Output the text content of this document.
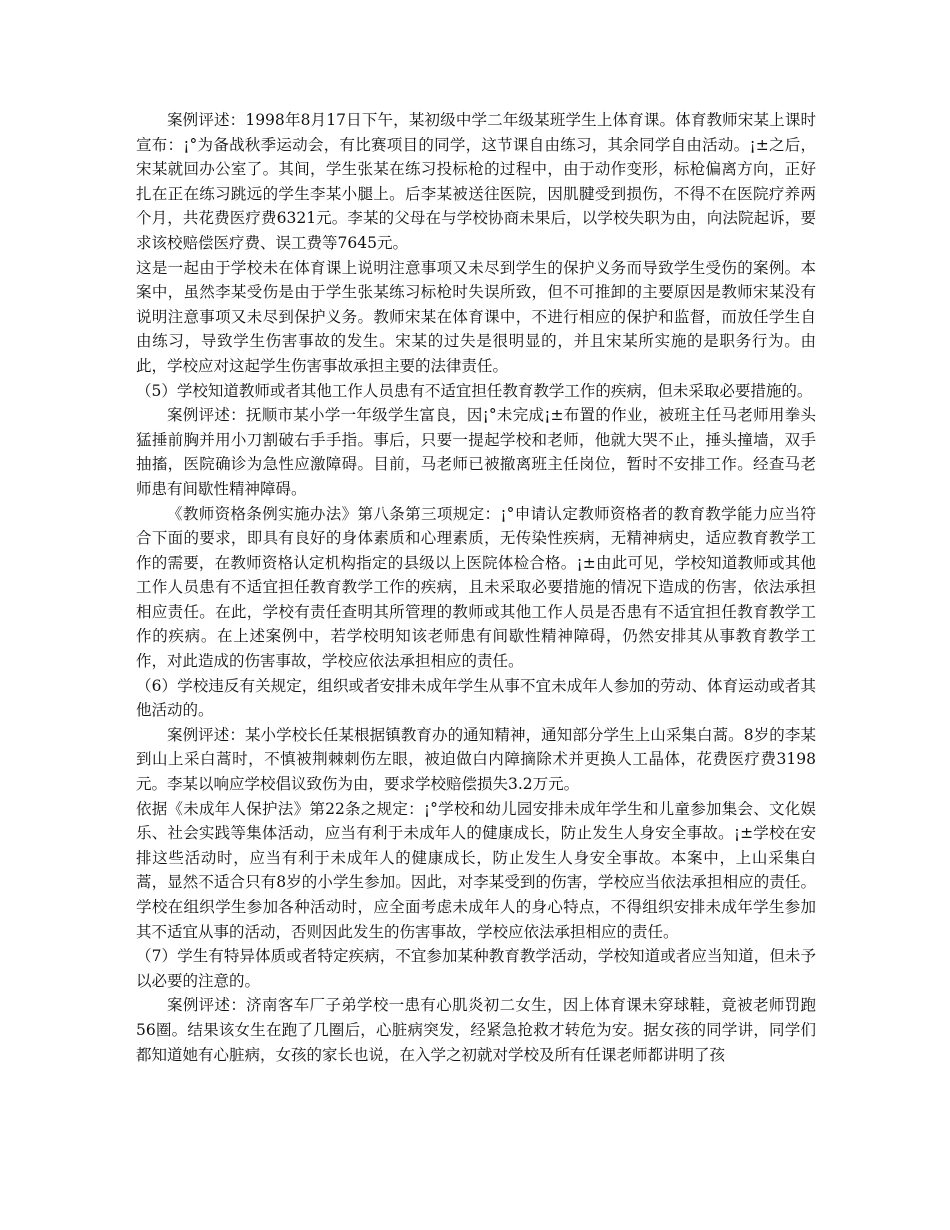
案例评述：1998年8月17日下午，某初级中学二年级某班学生上体育课。体育教师宋某上课时宣布：¡°为备战秋季运动会，有比赛项目的同学，这节课自由练习，其余同学自由活动。¡±之后，宋某就回办公室了。其间，学生张某在练习投标枪的过程中，由于动作变形，标枪偏离方向，正好扎在正在练习跳远的学生李某小腿上。后李某被送往医院，因肌腱受到损伤，不得不在医院疗养两个月，共花费医疗费6321元。李某的父母在与学校协商未果后，以学校失职为由，向法院起诉，要求该校赔偿医疗费、误工费等7645元。

这是一起由于学校未在体育课上说明注意事项又未尽到学生的保护义务而导致学生受伤的案例。本案中，虽然李某受伤是由于学生张某练习标枪时失误所致，但不可推卸的主要原因是教师宋某没有说明注意事项又未尽到保护义务。教师宋某在体育课中，不进行相应的保护和监督，而放任学生自由练习，导致学生伤害事故的发生。宋某的过失是很明显的，并且宋某所实施的是职务行为。由此，学校应对这起学生伤害事故承担主要的法律责任。

（5）学校知道教师或者其他工作人员患有不适宜担任教育教学工作的疾病，但未采取必要措施的。

案例评述：抚顺市某小学一年级学生富良，因¡°未完成¡±布置的作业，被班主任马老师用拳头猛捶前胸并用小刀割破右手手指。事后，只要一提起学校和老师，他就大哭不止，捶头撞墙，双手抽搐，医院确诊为急性应激障碍。目前，马老师已被撤离班主任岗位，暂时不安排工作。经查马老师患有间歇性精神障碍。

《教师资格条例实施办法》第八条第三项规定：¡°申请认定教师资格者的教育教学能力应当符合下面的要求，即具有良好的身体素质和心理素质，无传染性疾病，无精神病史，适应教育教学工作的需要，在教师资格认定机构指定的县级以上医院体检合格。¡±由此可见，学校知道教师或其他工作人员患有不适宜担任教育教学工作的疾病，且未采取必要措施的情况下造成的伤害，依法承担相应责任。在此，学校有责任查明其所管理的教师或其他工作人员是否患有不适宜担任教育教学工作的疾病。在上述案例中，若学校明知该老师患有间歇性精神障碍，仍然安排其从事教育教学工作，对此造成的伤害事故，学校应依法承担相应的责任。

（6）学校违反有关规定，组织或者安排未成年学生从事不宜未成年人参加的劳动、体育运动或者其他活动的。

案例评述：某小学校长任某根据镇教育办的通知精神，通知部分学生上山采集白蒿。8岁的李某到山上采白蒿时，不慎被荆棘刺伤左眼，被迫做白内障摘除术并更换人工晶体，花费医疗费3198元。李某以响应学校倡议致伤为由，要求学校赔偿损失3.2万元。

依据《未成年人保护法》第22条之规定：¡°学校和幼儿园安排未成年学生和儿童参加集会、文化娱乐、社会实践等集体活动，应当有利于未成年人的健康成长，防止发生人身安全事故。¡±学校在安排这些活动时，应当有利于未成年人的健康成长，防止发生人身安全事故。本案中，上山采集白蒿，显然不适合只有8岁的小学生参加。因此，对李某受到的伤害，学校应当依法承担相应的责任。学校在组织学生参加各种活动时，应全面考虑未成年人的身心特点，不得组织安排未成年学生参加其不适宜从事的活动，否则因此发生的伤害事故，学校应依法承担相应的责任。

（7）学生有特异体质或者特定疾病，不宜参加某种教育教学活动，学校知道或者应当知道，但未予以必要的注意的。

案例评述：济南客车厂子弟学校一患有心肌炎初二女生，因上体育课未穿球鞋，竟被老师罚跑56圈。结果该女生在跑了几圈后，心脏病突发，经紧急抢救才转危为安。据女孩的同学讲，同学们都知道她有心脏病，女孩的家长也说，在入学之初就对学校及所有任课老师都讲明了孩
